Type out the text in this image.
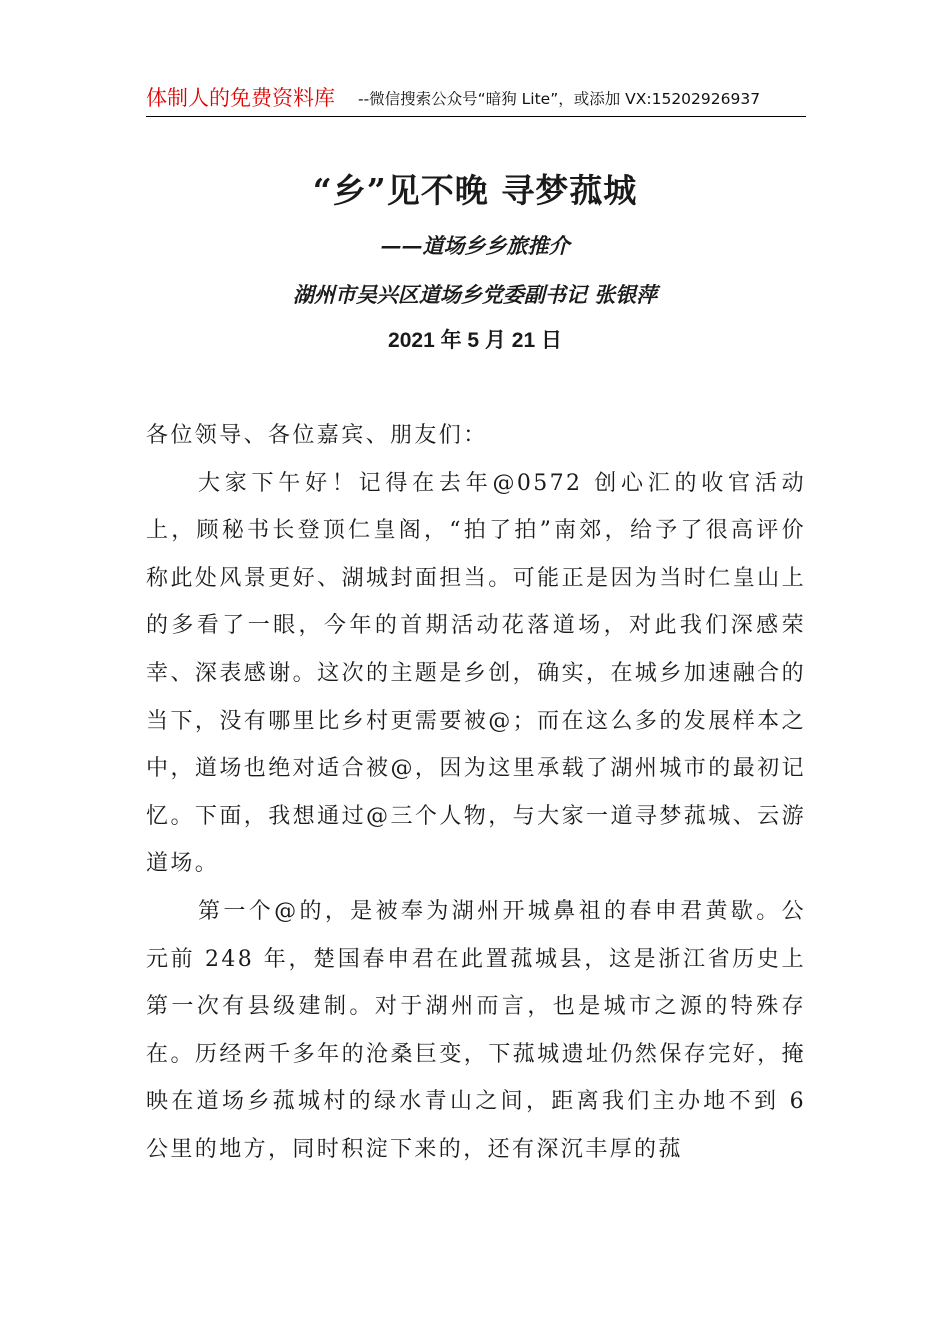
体制人的免费资料库 --微信搜索公众号“暗狗 Lite”，或添加 VX:15202926937
“乡”见不晚 寻梦菰城
——道场乡乡旅推介
湖州市吴兴区道场乡党委副书记 张银萍
2021 年 5 月 21 日

各位领导、各位嘉宾、朋友们：

大家下午好！记得在去年@0572 创心汇的收官活动上，顾秘书长登顶仁皇阁，“拍了拍”南郊，给予了很高评价称此处风景更好、湖城封面担当。可能正是因为当时仁皇山上的多看了一眼，今年的首期活动花落道场，对此我们深感荣幸、深表感谢。这次的主题是乡创，确实，在城乡加速融合的当下，没有哪里比乡村更需要被@；而在这么多的发展样本之中，道场也绝对适合被@，因为这里承载了湖州城市的最初记忆。下面，我想通过@三个人物，与大家一道寻梦菰城、云游道场。

第一个@的，是被奉为湖州开城鼻祖的春申君黄歇。公元前 248 年，楚国春申君在此置菰城县，这是浙江省历史上第一次有县级建制。对于湖州而言，也是城市之源的特殊存在。历经两千多年的沧桑巨变，下菰城遗址仍然保存完好，掩映在道场乡菰城村的绿水青山之间，距离我们主办地不到 6 公里的地方，同时积淀下来的，还有深沉丰厚的菰
